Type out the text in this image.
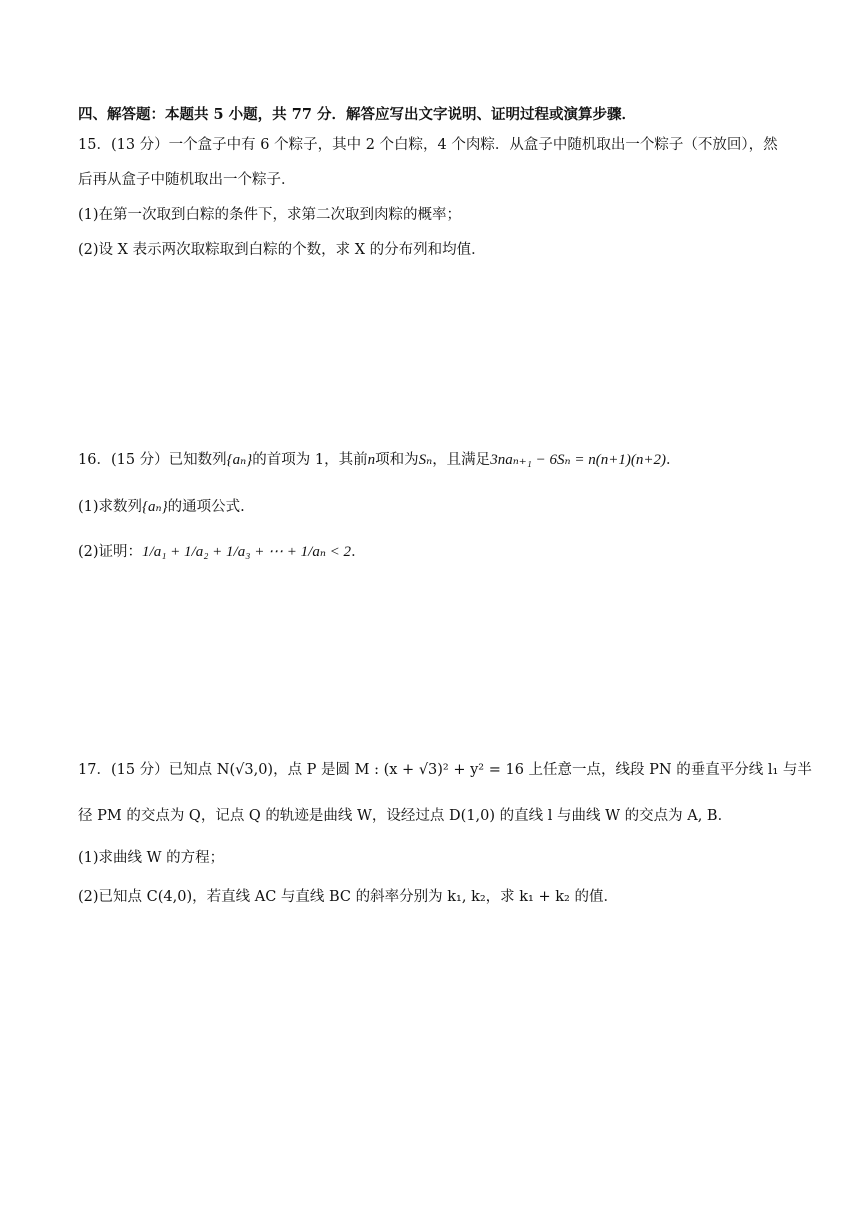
四、解答题：本题共 5 小题，共 77 分．解答应写出文字说明、证明过程或演算步骤．
15．(13 分）一个盒子中有 6 个粽子，其中 2 个白粽，4 个肉粽．从盒子中随机取出一个粽子（不放回），然
后再从盒子中随机取出一个粽子．
(1)在第一次取到白粽的条件下，求第二次取到肉粽的概率；
(2)设 X 表示两次取粽取到白粽的个数，求 X 的分布列和均值．
16．(15 分）已知数列{aₙ}的首项为 1，其前n项和为Sₙ，且满足3naₙ₊₁ − 6Sₙ = n(n+1)(n+2)．
(1)求数列{aₙ}的通项公式.
(2)证明：1/a₁ + 1/a₂ + 1/a₃ + ⋯ + 1/aₙ < 2．
17．(15 分）已知点 N(√3,0)，点 P 是圆 M : (x + √3)² + y² = 16 上任意一点，线段 PN 的垂直平分线 l₁ 与半
径 PM 的交点为 Q，记点 Q 的轨迹是曲线 W，设经过点 D(1,0) 的直线 l 与曲线 W 的交点为 A, B．
(1)求曲线 W 的方程；
(2)已知点 C(4,0)，若直线 AC 与直线 BC 的斜率分别为 k₁, k₂，求 k₁ + k₂ 的值．
